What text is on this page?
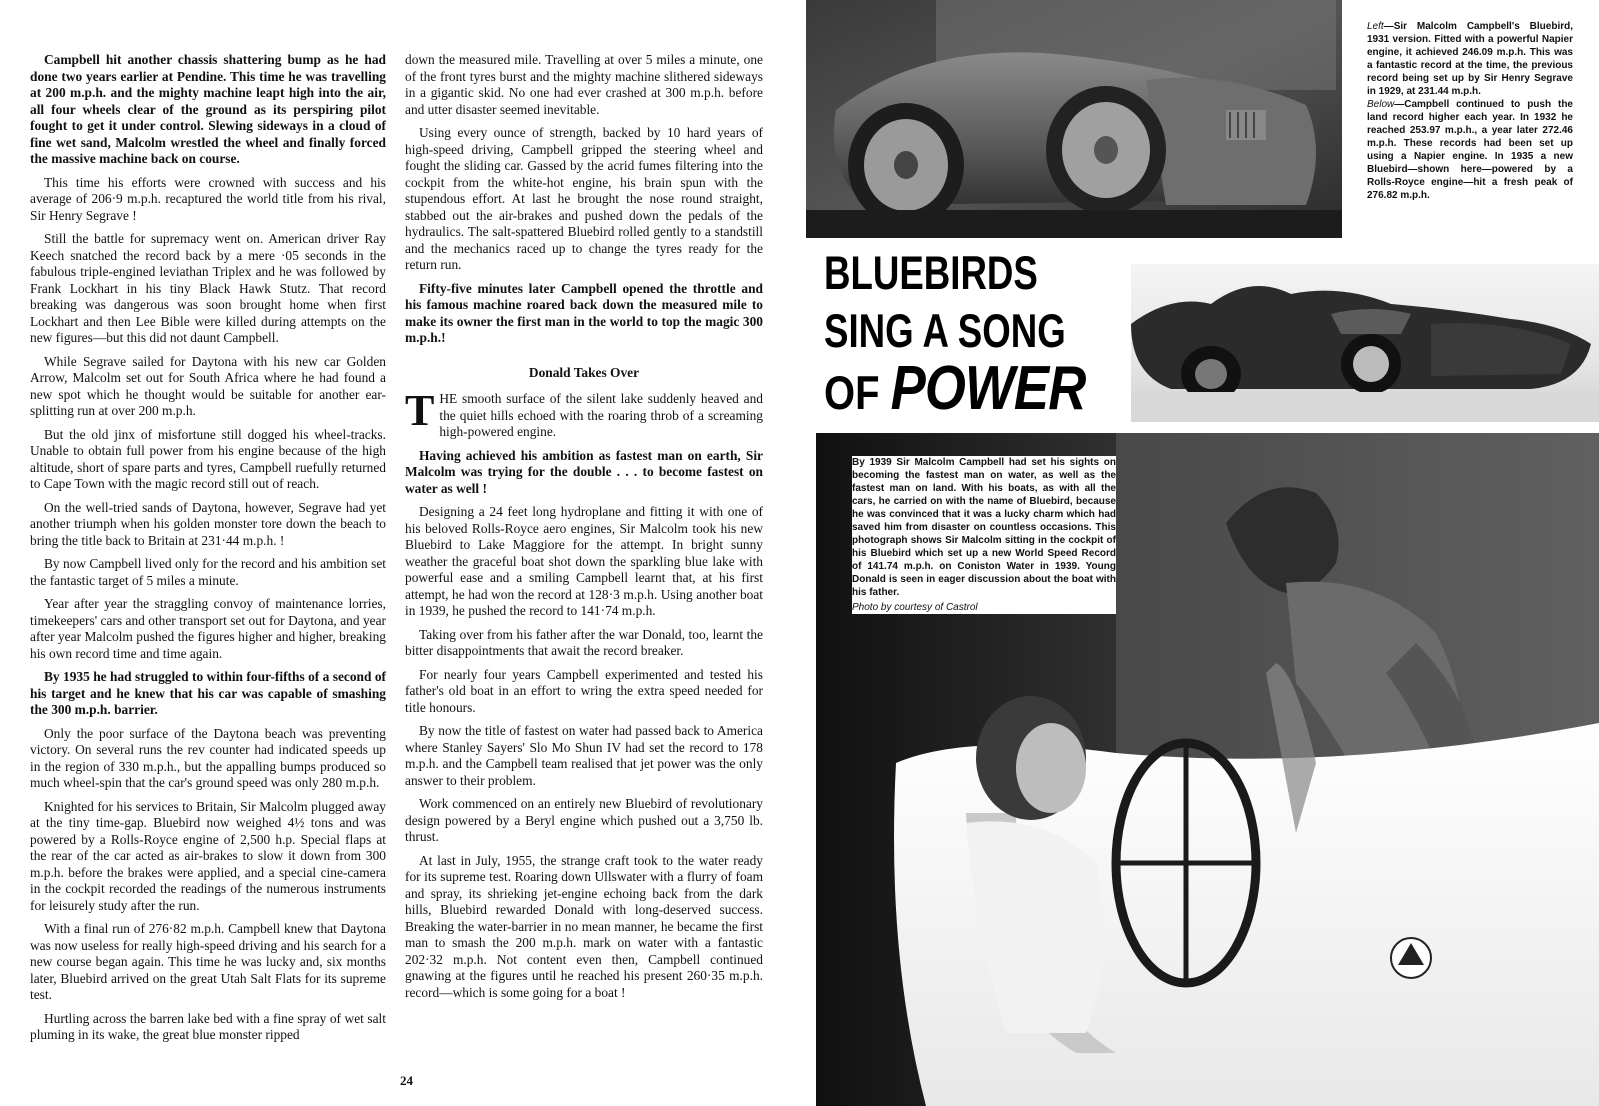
Campbell hit another chassis shattering bump as he had done two years earlier at Pendine. This time he was travelling at 200 m.p.h. and the mighty machine leapt high into the air, all four wheels clear of the ground as its perspiring pilot fought to get it under control. Slewing sideways in a cloud of fine wet sand, Malcolm wrestled the wheel and finally forced the massive machine back on course.

This time his efforts were crowned with success and his average of 206·9 m.p.h. recaptured the world title from his rival, Sir Henry Segrave !

Still the battle for supremacy went on. American driver Ray Keech snatched the record back by a mere ·05 seconds in the fabulous triple-engined leviathan Triplex and he was followed by Frank Lockhart in his tiny Black Hawk Stutz. That record breaking was dangerous was soon brought home when first Lockhart and then Lee Bible were killed during attempts on the new figures—but this did not daunt Campbell.

While Segrave sailed for Daytona with his new car Golden Arrow, Malcolm set out for South Africa where he had found a new spot which he thought would be suitable for another ear-splitting run at over 200 m.p.h.

But the old jinx of misfortune still dogged his wheel-tracks. Unable to obtain full power from his engine because of the high altitude, short of spare parts and tyres, Campbell ruefully returned to Cape Town with the magic record still out of reach.

On the well-tried sands of Daytona, however, Segrave had yet another triumph when his golden monster tore down the beach to bring the title back to Britain at 231·44 m.p.h. !

By now Campbell lived only for the record and his ambition set the fantastic target of 5 miles a minute.

Year after year the straggling convoy of maintenance lorries, timekeepers' cars and other transport set out for Daytona, and year after year Malcolm pushed the figures higher and higher, breaking his own record time and time again.

By 1935 he had struggled to within four-fifths of a second of his target and he knew that his car was capable of smashing the 300 m.p.h. barrier.

Only the poor surface of the Daytona beach was preventing victory. On several runs the rev counter had indicated speeds up in the region of 330 m.p.h., but the appalling bumps produced so much wheel-spin that the car's ground speed was only 280 m.p.h.

Knighted for his services to Britain, Sir Malcolm plugged away at the tiny time-gap. Bluebird now weighed 4½ tons and was powered by a Rolls-Royce engine of 2,500 h.p. Special flaps at the rear of the car acted as air-brakes to slow it down from 300 m.p.h. before the brakes were applied, and a special cine-camera in the cockpit recorded the readings of the numerous instruments for leisurely study after the run.

With a final run of 276·82 m.p.h. Campbell knew that Daytona was now useless for really high-speed driving and his search for a new course began again. This time he was lucky and, six months later, Bluebird arrived on the great Utah Salt Flats for its supreme test.

Hurtling across the barren lake bed with a fine spray of wet salt pluming in its wake, the great blue monster ripped

down the measured mile. Travelling at over 5 miles a minute, one of the front tyres burst and the mighty machine slithered sideways in a gigantic skid. No one had ever crashed at 300 m.p.h. before and utter disaster seemed inevitable.

Using every ounce of strength, backed by 10 hard years of high-speed driving, Campbell gripped the steering wheel and fought the sliding car. Gassed by the acrid fumes filtering into the cockpit from the white-hot engine, his brain spun with the stupendous effort. At last he brought the nose round straight, stabbed out the air-brakes and pushed down the pedals of the hydraulics. The salt-spattered Bluebird rolled gently to a standstill and the mechanics raced up to change the tyres ready for the return run.

Fifty-five minutes later Campbell opened the throttle and his famous machine roared back down the measured mile to make its owner the first man in the world to top the magic 300 m.p.h.!

Donald Takes Over

THE smooth surface of the silent lake suddenly heaved and the quiet hills echoed with the roaring throb of a screaming high-powered engine.

Having achieved his ambition as fastest man on earth, Sir Malcolm was trying for the double . . . to become fastest on water as well !

Designing a 24 feet long hydroplane and fitting it with one of his beloved Rolls-Royce aero engines, Sir Malcolm took his new Bluebird to Lake Maggiore for the attempt. In bright sunny weather the graceful boat shot down the sparkling blue lake with powerful ease and a smiling Campbell learnt that, at his first attempt, he had won the record at 128·3 m.p.h. Using another boat in 1939, he pushed the record to 141·74 m.p.h.

Taking over from his father after the war Donald, too, learnt the bitter disappointments that await the record breaker.

For nearly four years Campbell experimented and tested his father's old boat in an effort to wring the extra speed needed for title honours.

By now the title of fastest on water had passed back to America where Stanley Sayers' Slo Mo Shun IV had set the record to 178 m.p.h. and the Campbell team realised that jet power was the only answer to their problem.

Work commenced on an entirely new Bluebird of revolutionary design powered by a Beryl engine which pushed out a 3,750 lb. thrust.

At last in July, 1955, the strange craft took to the water ready for its supreme test. Roaring down Ullswater with a flurry of foam and spray, its shrieking jet-engine echoing back from the dark hills, Bluebird rewarded Donald with long-deserved success. Breaking the water-barrier in no mean manner, he became the first man to smash the 200 m.p.h. mark on water with a fantastic 202·32 m.p.h. Not content even then, Campbell continued gnawing at the figures until he reached his present 260·35 m.p.h. record—which is some going for a boat !

24
Left—Sir Malcolm Campbell's Bluebird, 1931 version. Fitted with a powerful Napier engine, it achieved 246.09 m.p.h. This was a fantastic record at the time, the previous record being set up by Sir Henry Segrave in 1929, at 231.44 m.p.h.
Below—Campbell continued to push the land record higher each year. In 1932 he reached 253.97 m.p.h., a year later 272.46 m.p.h. These records had been set up using a Napier engine. In 1935 a new Bluebird—shown here—powered by a Rolls-Royce engine—hit a fresh peak of 276.82 m.p.h.
BLUEBIRDS
SING A SONG
OF POWER
By 1939 Sir Malcolm Campbell had set his sights on becoming the fastest man on water, as well as the fastest man on land. With his boats, as with all the cars, he carried on with the name of Bluebird, because he was convinced that it was a lucky charm which had saved him from disaster on countless occasions. This photograph shows Sir Malcolm sitting in the cockpit of his Bluebird which set up a new World Speed Record of 141.74 m.p.h. on Coniston Water in 1939. Young Donald is seen in eager discussion about the boat with his father.
Photo by courtesy of Castrol
